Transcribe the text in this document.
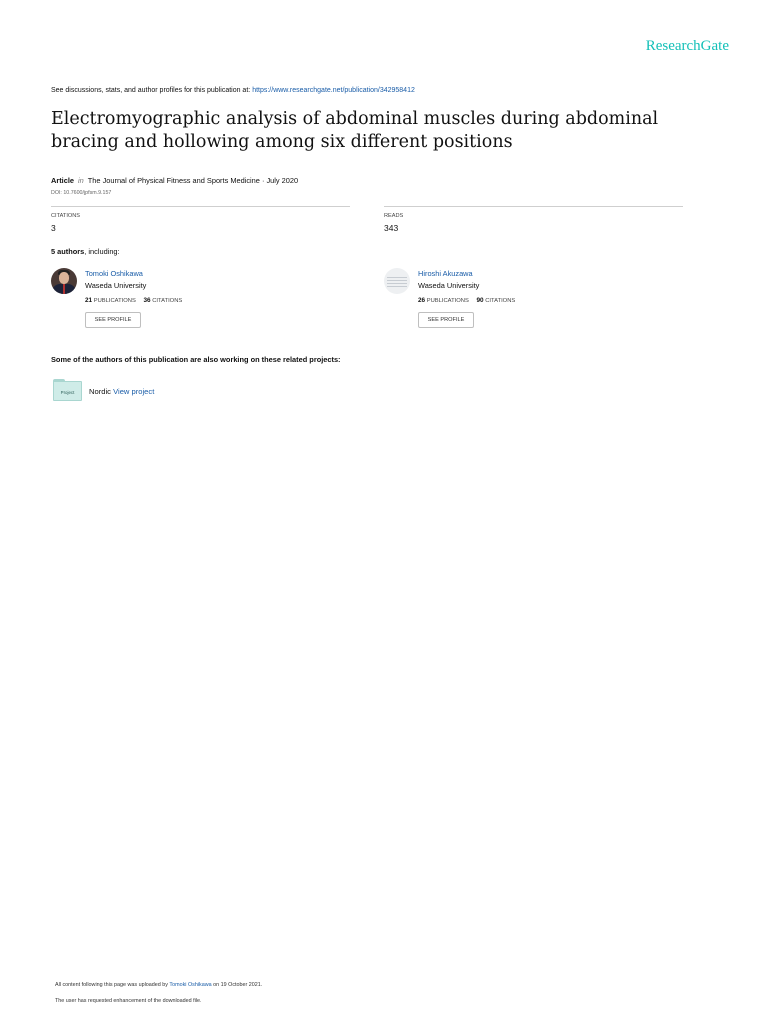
ResearchGate
See discussions, stats, and author profiles for this publication at: https://www.researchgate.net/publication/342958412
Electromyographic analysis of abdominal muscles during abdominal bracing and hollowing among six different positions
Article in The Journal of Physical Fitness and Sports Medicine · July 2020
DOI: 10.7600/jpfsm.9.157
CITATIONS
3
READS
343
5 authors, including:
Tomoki Oshikawa
Waseda University
21 PUBLICATIONS 36 CITATIONS
SEE PROFILE
Hiroshi Akuzawa
Waseda University
26 PUBLICATIONS 90 CITATIONS
SEE PROFILE
Some of the authors of this publication are also working on these related projects:
Project	Nordic View project
All content following this page was uploaded by Tomoki Oshikawa on 19 October 2021.
The user has requested enhancement of the downloaded file.
